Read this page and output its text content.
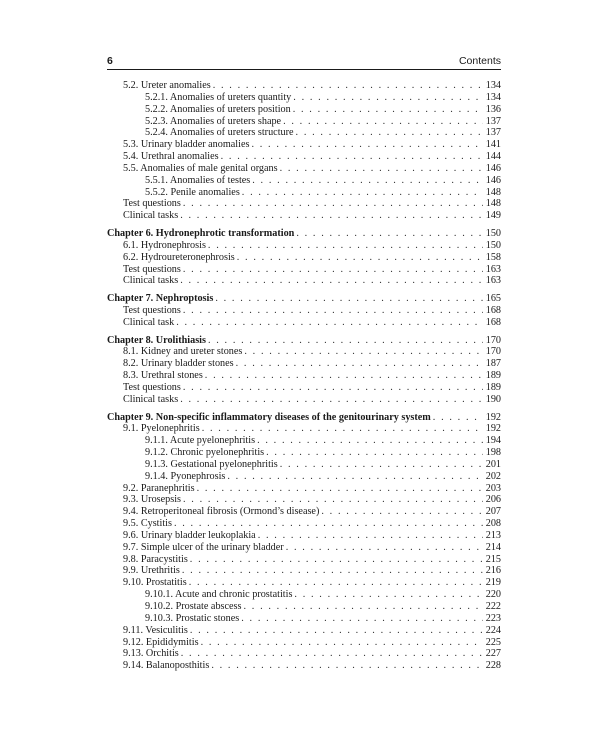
6	Contents
5.2. Ureter anomalies . . .	134
5.2.1. Anomalies of ureters quantity . . .	134
5.2.2. Anomalies of ureters position . . .	136
5.2.3. Anomalies of ureters shape . . .	137
5.2.4. Anomalies of ureters structure . . .	137
5.3. Urinary bladder anomalies . . .	141
5.4. Urethral anomalies . . .	144
5.5. Anomalies of male genital organs . . .	146
5.5.1. Anomalies of testes . . .	146
5.5.2. Penile anomalies . . .	148
Test questions . . .	148
Clinical tasks . . .	149
Chapter 6. Hydronephrotic transformation . . .	150
6.1. Hydronephrosis . . .	150
6.2. Hydroureteronephrosis . . .	158
Test questions . . .	163
Clinical tasks . . .	163
Chapter 7. Nephroptosis . . .	165
Test questions . . .	168
Clinical task . . .	168
Chapter 8. Urolithiasis . . .	170
8.1. Kidney and ureter stones . . .	170
8.2. Urinary bladder stones . . .	187
8.3. Urethral stones . . .	189
Test questions . . .	189
Clinical tasks . . .	190
Chapter 9. Non-specific inflammatory diseases of the genitourinary system . . .	192
9.1. Pyelonephritis . . .	192
9.1.1. Acute pyelonephritis . . .	194
9.1.2. Chronic pyelonephritis . . .	198
9.1.3. Gestational pyelonephritis . . .	201
9.1.4. Pyonephrosis . . .	202
9.2. Paranephritis . . .	203
9.3. Urosepsis . . .	206
9.4. Retroperitoneal fibrosis (Ormond’s disease) . . .	207
9.5. Cystitis . . .	208
9.6. Urinary bladder leukoplakia . . .	213
9.7. Simple ulcer of the urinary bladder . . .	214
9.8. Paracystitis . . .	215
9.9. Urethritis . . .	216
9.10. Prostatitis . . .	219
9.10.1. Acute and chronic prostatitis . . .	220
9.10.2. Prostate abscess . . .	222
9.10.3. Prostatic stones . . .	223
9.11. Vesiculitis . . .	224
9.12. Epididymitis . . .	225
9.13. Orchitis . . .	227
9.14. Balanoposthitis . . .	228
